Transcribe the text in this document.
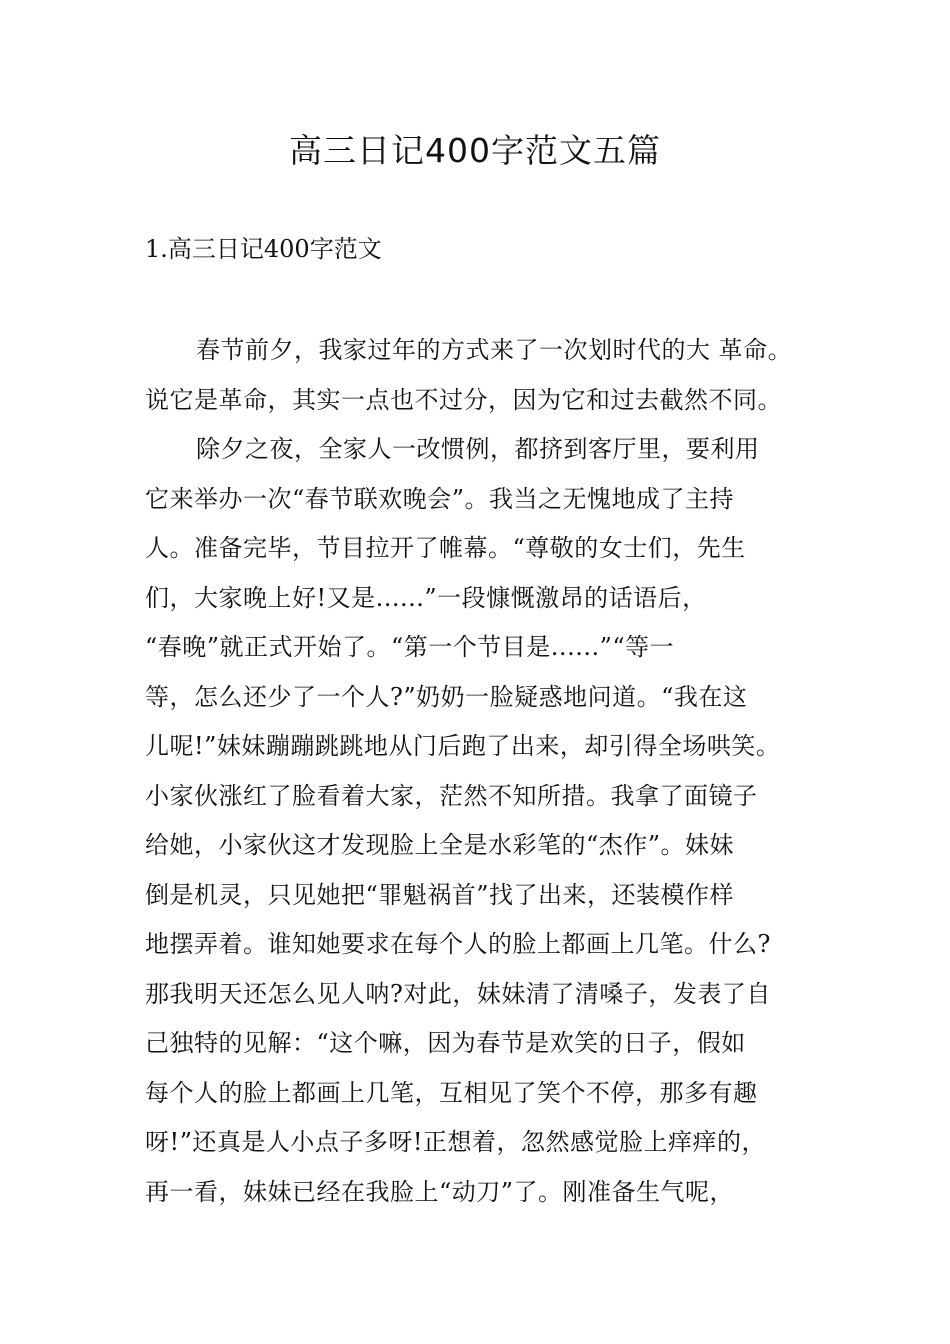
高三日记400字范文五篇
1.高三日记400字范文
春节前夕，我家过年的方式来了一次划时代的大 革命。
说它是革命，其实一点也不过分，因为它和过去截然不同。
除夕之夜，全家人一改惯例，都挤到客厅里，要利用
它来举办一次“春节联欢晚会”。我当之无愧地成了主持
人。准备完毕，节目拉开了帷幕。“尊敬的女士们，先生
们，大家晚上好!又是......”一段慷慨激昂的话语后，
“春晚”就正式开始了。“第一个节目是......”“等一
等，怎么还少了一个人?”奶奶一脸疑惑地问道。“我在这
儿呢!”妹妹蹦蹦跳跳地从门后跑了出来，却引得全场哄笑。
小家伙涨红了脸看着大家，茫然不知所措。我拿了面镜子
给她，小家伙这才发现脸上全是水彩笔的“杰作”。妹妹
倒是机灵，只见她把“罪魁祸首”找了出来，还装模作样
地摆弄着。谁知她要求在每个人的脸上都画上几笔。什么?
那我明天还怎么见人呐?对此，妹妹清了清嗓子，发表了自
己独特的见解：“这个嘛，因为春节是欢笑的日子，假如
每个人的脸上都画上几笔，互相见了笑个不停，那多有趣
呀!”还真是人小点子多呀!正想着，忽然感觉脸上痒痒的，
再一看，妹妹已经在我脸上“动刀”了。刚准备生气呢，
